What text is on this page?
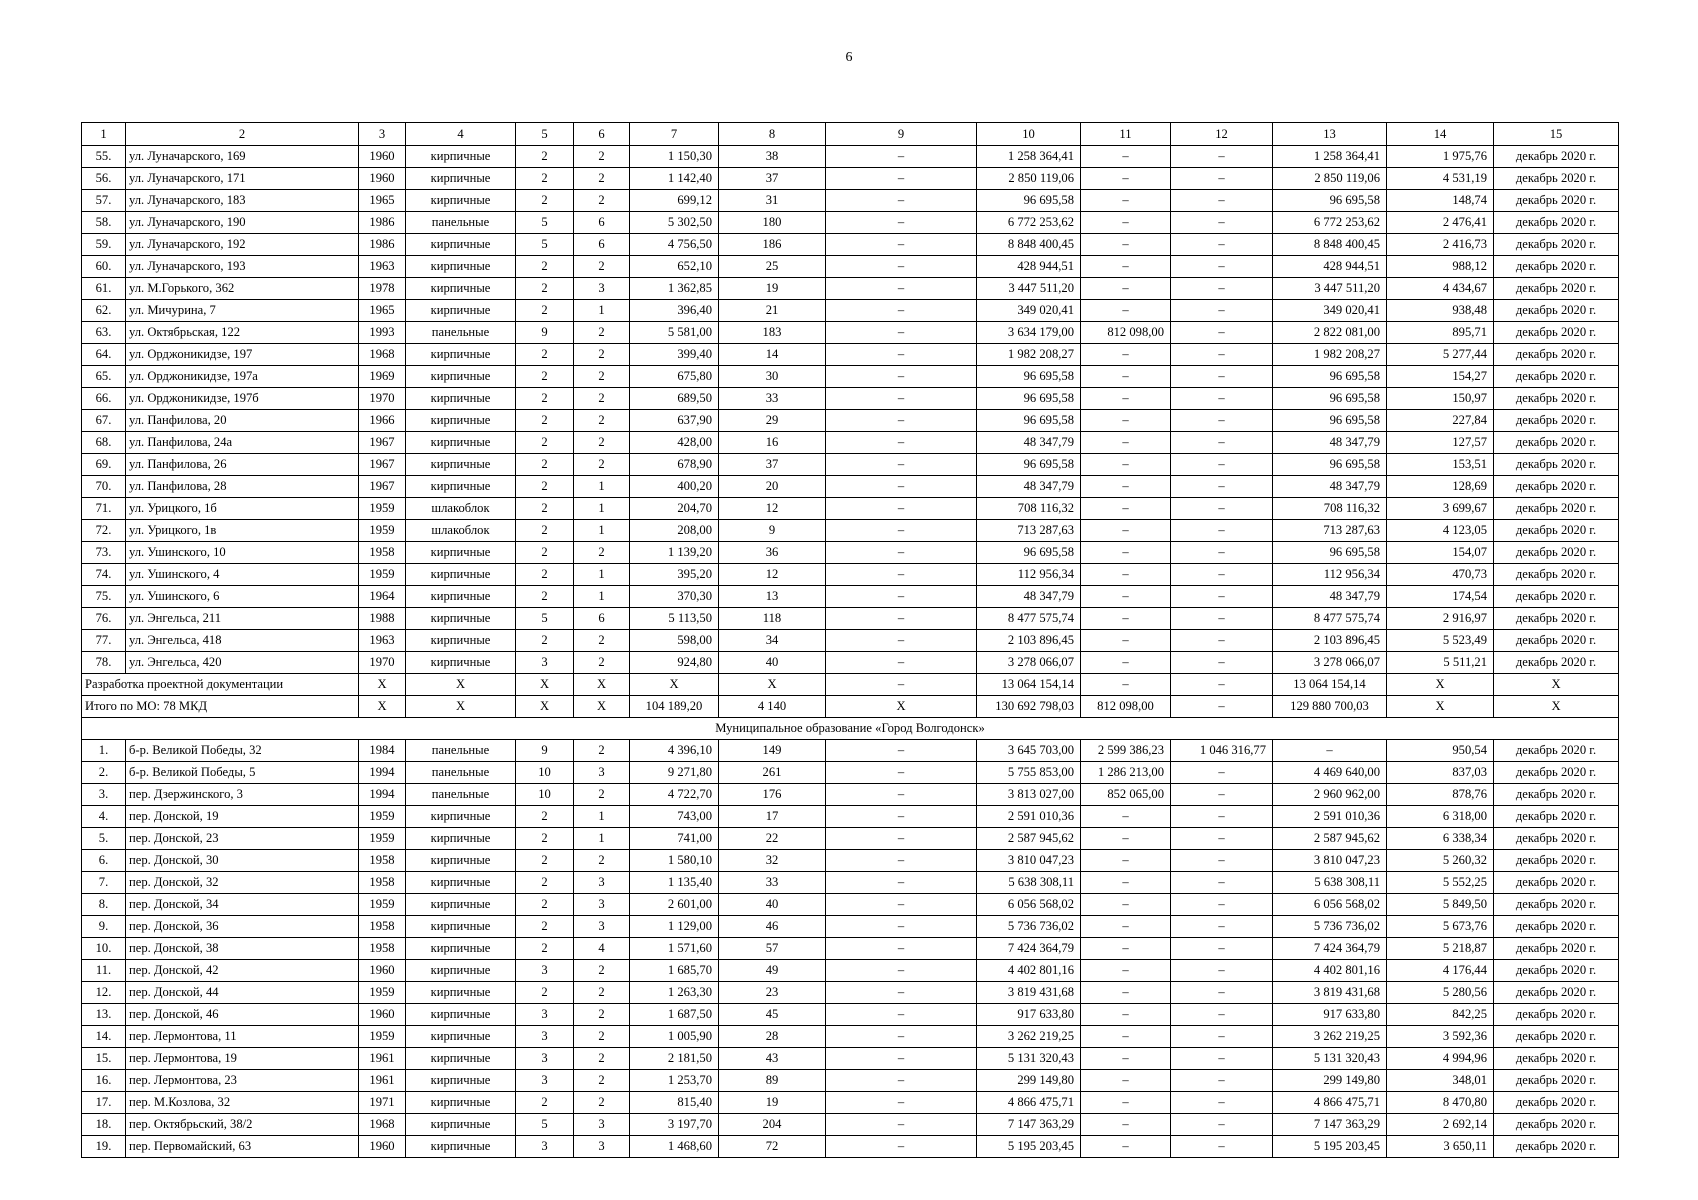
6
1	2	3	4	5	6	7	8	9	10	11	12	13	14	15
55.	ул. Луначарского, 169	1960	кирпичные	2	2	1 150,30	38	–	1 258 364,41	–	–	1 258 364,41	1 975,76	декабрь 2020 г.
56.	ул. Луначарского, 171	1960	кирпичные	2	2	1 142,40	37	–	2 850 119,06	–	–	2 850 119,06	4 531,19	декабрь 2020 г.
57.	ул. Луначарского, 183	1965	кирпичные	2	2	699,12	31	–	96 695,58	–	–	96 695,58	148,74	декабрь 2020 г.
58.	ул. Луначарского, 190	1986	панельные	5	6	5 302,50	180	–	6 772 253,62	–	–	6 772 253,62	2 476,41	декабрь 2020 г.
59.	ул. Луначарского, 192	1986	кирпичные	5	6	4 756,50	186	–	8 848 400,45	–	–	8 848 400,45	2 416,73	декабрь 2020 г.
60.	ул. Луначарского, 193	1963	кирпичные	2	2	652,10	25	–	428 944,51	–	–	428 944,51	988,12	декабрь 2020 г.
61.	ул. М.Горького, 362	1978	кирпичные	2	3	1 362,85	19	–	3 447 511,20	–	–	3 447 511,20	4 434,67	декабрь 2020 г.
62.	ул. Мичурина, 7	1965	кирпичные	2	1	396,40	21	–	349 020,41	–	–	349 020,41	938,48	декабрь 2020 г.
63.	ул. Октябрьская, 122	1993	панельные	9	2	5 581,00	183	–	3 634 179,00	812 098,00	–	2 822 081,00	895,71	декабрь 2020 г.
64.	ул. Орджоникидзе, 197	1968	кирпичные	2	2	399,40	14	–	1 982 208,27	–	–	1 982 208,27	5 277,44	декабрь 2020 г.
65.	ул. Орджоникидзе, 197а	1969	кирпичные	2	2	675,80	30	–	96 695,58	–	–	96 695,58	154,27	декабрь 2020 г.
66.	ул. Орджоникидзе, 197б	1970	кирпичные	2	2	689,50	33	–	96 695,58	–	–	96 695,58	150,97	декабрь 2020 г.
67.	ул. Панфилова, 20	1966	кирпичные	2	2	637,90	29	–	96 695,58	–	–	96 695,58	227,84	декабрь 2020 г.
68.	ул. Панфилова, 24а	1967	кирпичные	2	2	428,00	16	–	48 347,79	–	–	48 347,79	127,57	декабрь 2020 г.
69.	ул. Панфилова, 26	1967	кирпичные	2	2	678,90	37	–	96 695,58	–	–	96 695,58	153,51	декабрь 2020 г.
70.	ул. Панфилова, 28	1967	кирпичные	2	1	400,20	20	–	48 347,79	–	–	48 347,79	128,69	декабрь 2020 г.
71.	ул. Урицкого, 1б	1959	шлакоблок	2	1	204,70	12	–	708 116,32	–	–	708 116,32	3 699,67	декабрь 2020 г.
72.	ул. Урицкого, 1в	1959	шлакоблок	2	1	208,00	9	–	713 287,63	–	–	713 287,63	4 123,05	декабрь 2020 г.
73.	ул. Ушинского, 10	1958	кирпичные	2	2	1 139,20	36	–	96 695,58	–	–	96 695,58	154,07	декабрь 2020 г.
74.	ул. Ушинского, 4	1959	кирпичные	2	1	395,20	12	–	112 956,34	–	–	112 956,34	470,73	декабрь 2020 г.
75.	ул. Ушинского, 6	1964	кирпичные	2	1	370,30	13	–	48 347,79	–	–	48 347,79	174,54	декабрь 2020 г.
76.	ул. Энгельса, 211	1988	кирпичные	5	6	5 113,50	118	–	8 477 575,74	–	–	8 477 575,74	2 916,97	декабрь 2020 г.
77.	ул. Энгельса, 418	1963	кирпичные	2	2	598,00	34	–	2 103 896,45	–	–	2 103 896,45	5 523,49	декабрь 2020 г.
78.	ул. Энгельса, 420	1970	кирпичные	3	2	924,80	40	–	3 278 066,07	–	–	3 278 066,07	5 511,21	декабрь 2020 г.
Разработка проектной документации		X	X	X	X	X	X	–	13 064 154,14	–	–	13 064 154,14	X	X
Итого по МО: 78 МКД		X	X	X	X	104 189,20	4 140	X	130 692 798,03	812 098,00	–	129 880 700,03	X	X
Муниципальное образование «Город Волгодонск»														
1.	б-р. Великой Победы, 32	1984	панельные	9	2	4 396,10	149	–	3 645 703,00	2 599 386,23	1 046 316,77	–	950,54	декабрь 2020 г.
2.	б-р. Великой Победы, 5	1994	панельные	10	3	9 271,80	261	–	5 755 853,00	1 286 213,00	–	4 469 640,00	837,03	декабрь 2020 г.
3.	пер. Дзержинского, 3	1994	панельные	10	2	4 722,70	176	–	3 813 027,00	852 065,00	–	2 960 962,00	878,76	декабрь 2020 г.
4.	пер. Донской, 19	1959	кирпичные	2	1	743,00	17	–	2 591 010,36	–	–	2 591 010,36	6 318,00	декабрь 2020 г.
5.	пер. Донской, 23	1959	кирпичные	2	1	741,00	22	–	2 587 945,62	–	–	2 587 945,62	6 338,34	декабрь 2020 г.
6.	пер. Донской, 30	1958	кирпичные	2	2	1 580,10	32	–	3 810 047,23	–	–	3 810 047,23	5 260,32	декабрь 2020 г.
7.	пер. Донской, 32	1958	кирпичные	2	3	1 135,40	33	–	5 638 308,11	–	–	5 638 308,11	5 552,25	декабрь 2020 г.
8.	пер. Донской, 34	1959	кирпичные	2	3	2 601,00	40	–	6 056 568,02	–	–	6 056 568,02	5 849,50	декабрь 2020 г.
9.	пер. Донской, 36	1958	кирпичные	2	3	1 129,00	46	–	5 736 736,02	–	–	5 736 736,02	5 673,76	декабрь 2020 г.
10.	пер. Донской, 38	1958	кирпичные	2	4	1 571,60	57	–	7 424 364,79	–	–	7 424 364,79	5 218,87	декабрь 2020 г.
11.	пер. Донской, 42	1960	кирпичные	3	2	1 685,70	49	–	4 402 801,16	–	–	4 402 801,16	4 176,44	декабрь 2020 г.
12.	пер. Донской, 44	1959	кирпичные	2	2	1 263,30	23	–	3 819 431,68	–	–	3 819 431,68	5 280,56	декабрь 2020 г.
13.	пер. Донской, 46	1960	кирпичные	3	2	1 687,50	45	–	917 633,80	–	–	917 633,80	842,25	декабрь 2020 г.
14.	пер. Лермонтова, 11	1959	кирпичные	3	2	1 005,90	28	–	3 262 219,25	–	–	3 262 219,25	3 592,36	декабрь 2020 г.
15.	пер. Лермонтова, 19	1961	кирпичные	3	2	2 181,50	43	–	5 131 320,43	–	–	5 131 320,43	4 994,96	декабрь 2020 г.
16.	пер. Лермонтова, 23	1961	кирпичные	3	2	1 253,70	89	–	299 149,80	–	–	299 149,80	348,01	декабрь 2020 г.
17.	пер. М.Козлова, 32	1971	кирпичные	2	2	815,40	19	–	4 866 475,71	–	–	4 866 475,71	8 470,80	декабрь 2020 г.
18.	пер. Октябрьский, 38/2	1968	кирпичные	5	3	3 197,70	204	–	7 147 363,29	–	–	7 147 363,29	2 692,14	декабрь 2020 г.
19.	пер. Первомайский, 63	1960	кирпичные	3	3	1 468,60	72	–	5 195 203,45	–	–	5 195 203,45	3 650,11	декабрь 2020 г.
